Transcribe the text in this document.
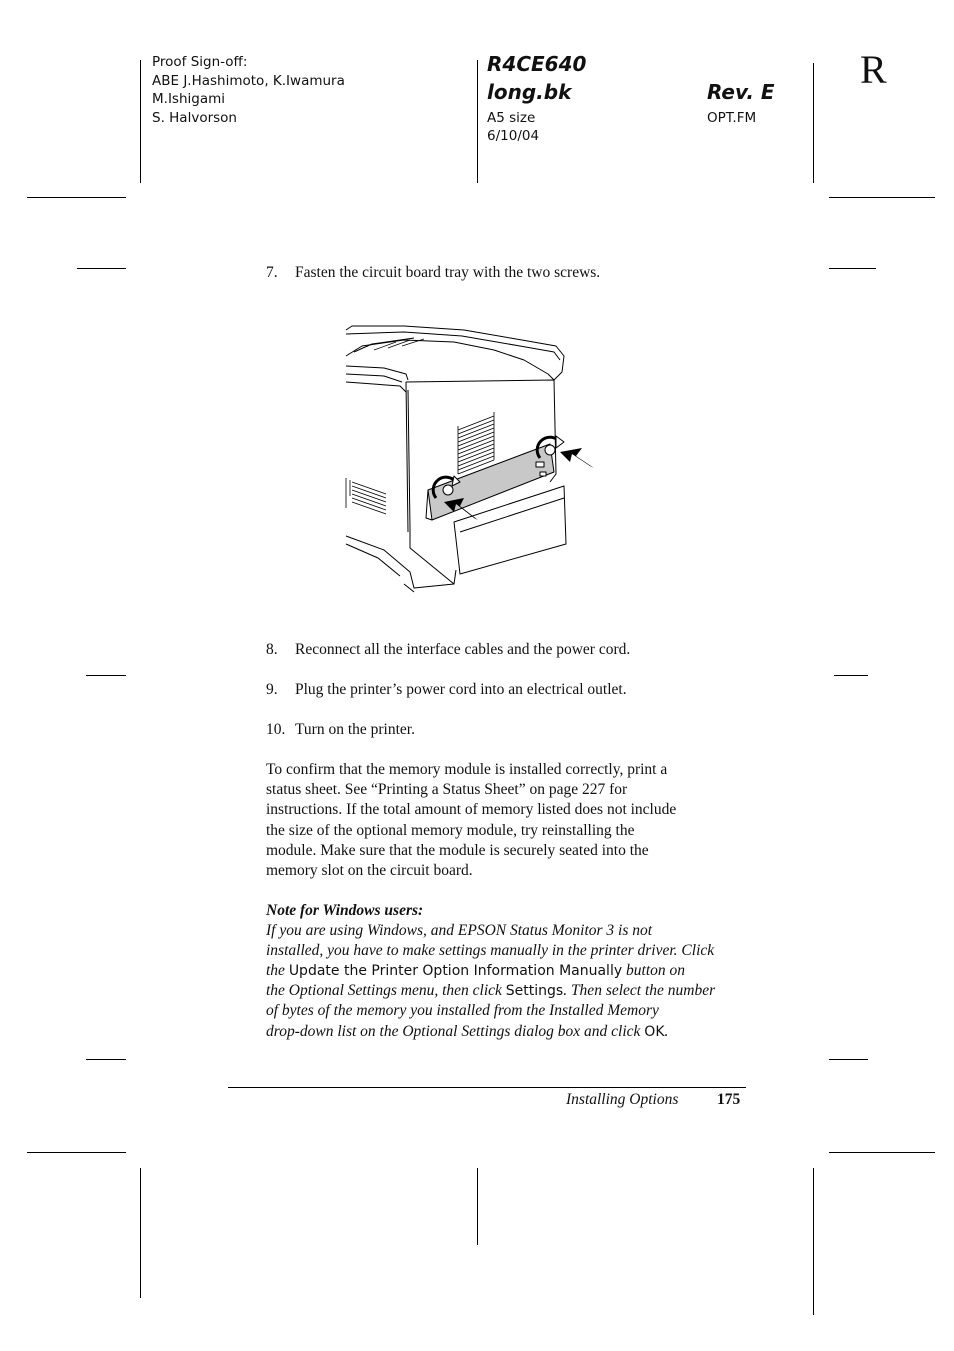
Proof Sign-off:
ABE J.Hashimoto, K.Iwamura
M.Ishigami
S. Halvorson
R4CE640
long.bk
A5 size
6/10/04
Rev. E
OPT.FM
R
7. Fasten the circuit board tray with the two screws.
8. Reconnect all the interface cables and the power cord.
9. Plug the printer’s power cord into an electrical outlet.
10. Turn on the printer.
To confirm that the memory module is installed correctly, print a
status sheet. See “Printing a Status Sheet” on page 227 for
instructions. If the total amount of memory listed does not include
the size of the optional memory module, try reinstalling the
module. Make sure that the module is securely seated into the
memory slot on the circuit board.
Note for Windows users:
If you are using Windows, and EPSON Status Monitor 3 is not
installed, you have to make settings manually in the printer driver. Click
the Update the Printer Option Information Manually button on
the Optional Settings menu, then click Settings. Then select the number
of bytes of the memory you installed from the Installed Memory
drop-down list on the Optional Settings dialog box and click OK.
Installing Options 175
